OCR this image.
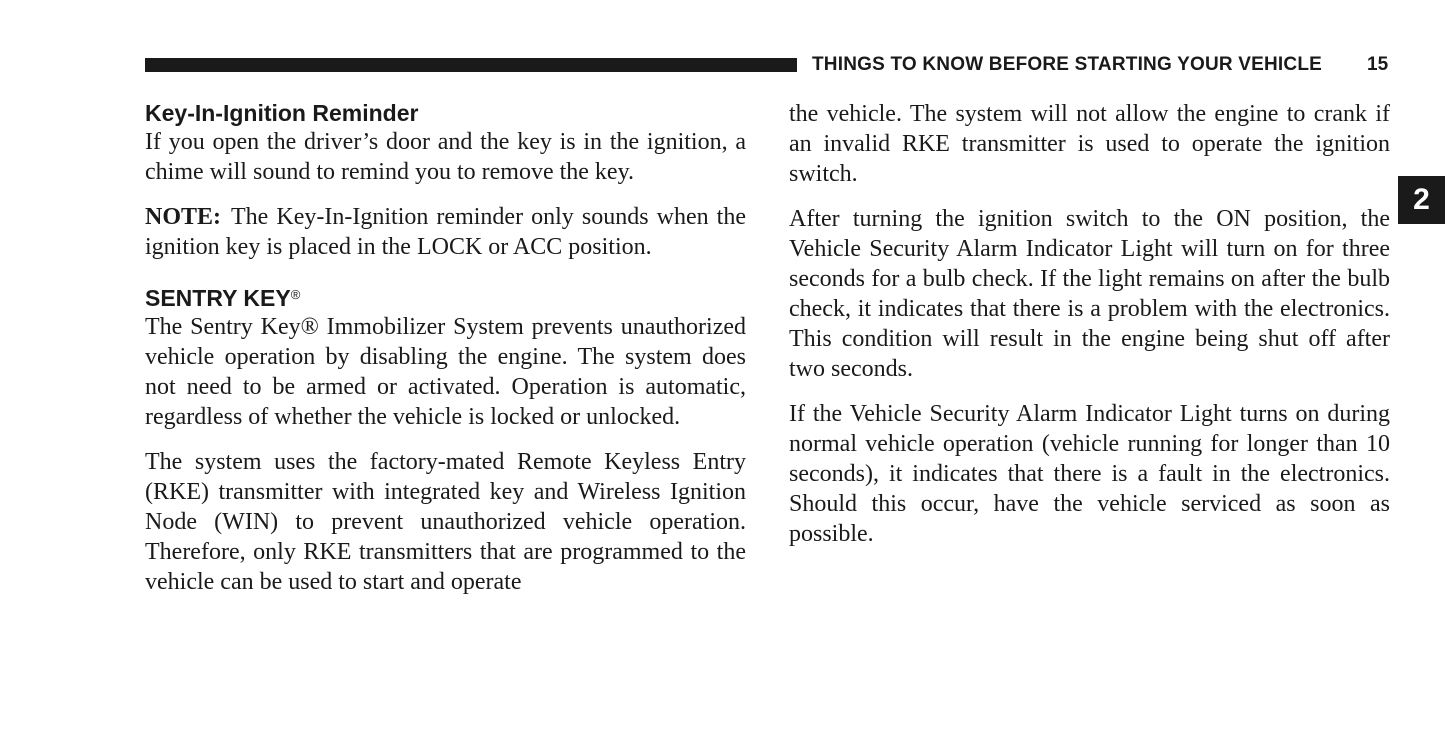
THINGS TO KNOW BEFORE STARTING YOUR VEHICLE 15
2
Key-In-Ignition Reminder

If you open the driver’s door and the key is in the ignition, a chime will sound to remind you to remove the key.

NOTE: The Key-In-Ignition reminder only sounds when the ignition key is placed in the LOCK or ACC position.

SENTRY KEY®

The Sentry Key® Immobilizer System prevents unauthorized vehicle operation by disabling the engine. The system does not need to be armed or activated. Operation is automatic, regardless of whether the vehicle is locked or unlocked.

The system uses the factory-mated Remote Keyless Entry (RKE) transmitter with integrated key and Wireless Ignition Node (WIN) to prevent unauthorized vehicle operation. Therefore, only RKE transmitters that are programmed to the vehicle can be used to start and operate

the vehicle. The system will not allow the engine to crank if an invalid RKE transmitter is used to operate the ignition switch.

After turning the ignition switch to the ON position, the Vehicle Security Alarm Indicator Light will turn on for three seconds for a bulb check. If the light remains on after the bulb check, it indicates that there is a problem with the electronics. This condition will result in the engine being shut off after two seconds.

If the Vehicle Security Alarm Indicator Light turns on during normal vehicle operation (vehicle running for longer than 10 seconds), it indicates that there is a fault in the electronics. Should this occur, have the vehicle serviced as soon as possible.
